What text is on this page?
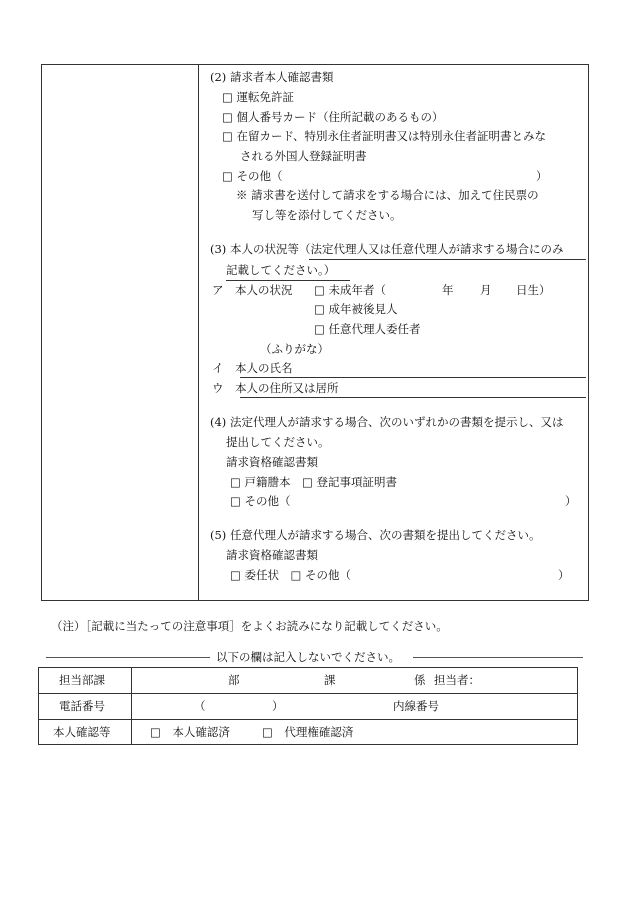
(2) 請求者本人確認書類
□ 運転免許証
□ 個人番号カード（住所記載のあるもの）
□ 在留カード、特別永住者証明書又は特別永住者証明書とみな
される外国人登録証明書
□ その他（	）
※ 請求書を送付して請求をする場合には、加えて住民票の
写し等を添付してください。
(3) 本人の状況等（法定代理人又は任意代理人が請求する場合にのみ
記載してください。）
ア　本人の状況 □ 未成年者（	年 月 日生）
□ 成年被後見人
□ 任意代理人委任者
（ふりがな）
イ　本人の氏名
ウ　本人の住所又は居所
(4) 法定代理人が請求する場合、次のいずれかの書類を提示し、又は
提出してください。
請求資格確認書類
□ 戸籍謄本　□ 登記事項証明書
□ その他（	）
(5) 任意代理人が請求する場合、次の書類を提出してください。
請求資格確認書類
□ 委任状　□ その他（	）
（注）［記載に当たっての注意事項］をよくお読みになり記載してください。
以下の欄は記入しないでください。
担当部課	部	課	係 担当者：
電話番号	（	）	内線番号
本人確認等	□　本人確認済	□　代理権確認済
